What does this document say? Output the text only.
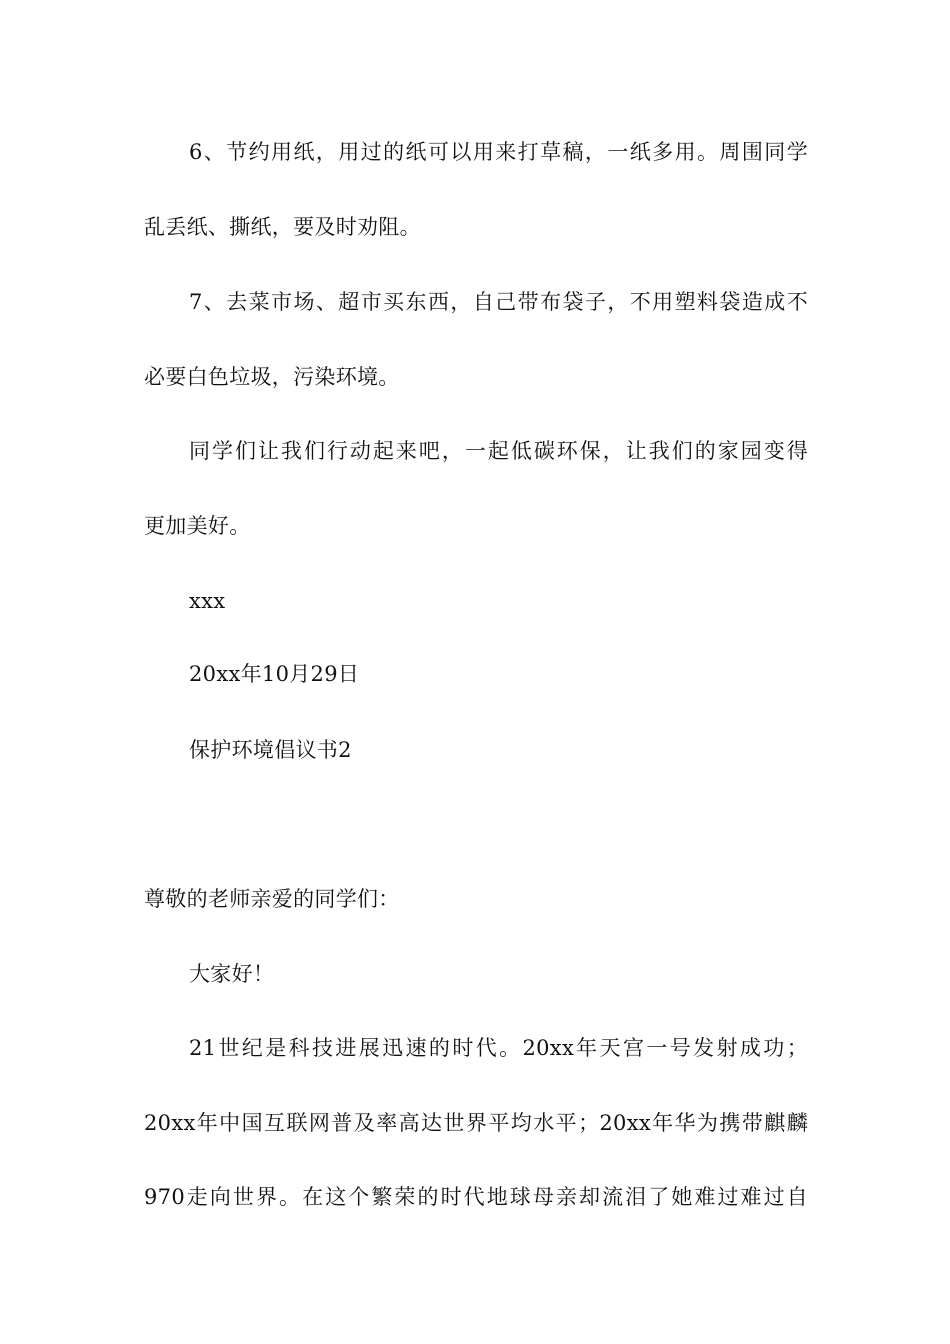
6、节约用纸，用过的纸可以用来打草稿，一纸多用。周围同学
乱丢纸、撕纸，要及时劝阻。
7、去菜市场、超市买东西，自己带布袋子，不用塑料袋造成不
必要白色垃圾，污染环境。
同学们让我们行动起来吧，一起低碳环保，让我们的家园变得
更加美好。
xxx
20xx年10月29日
保护环境倡议书2
尊敬的老师亲爱的同学们：
大家好！
21世纪是科技进展迅速的时代。20xx年天宫一号发射成功；
20xx年中国互联网普及率高达世界平均水平；20xx年华为携带麒麟
970走向世界。在这个繁荣的时代地球母亲却流泪了她难过难过自
